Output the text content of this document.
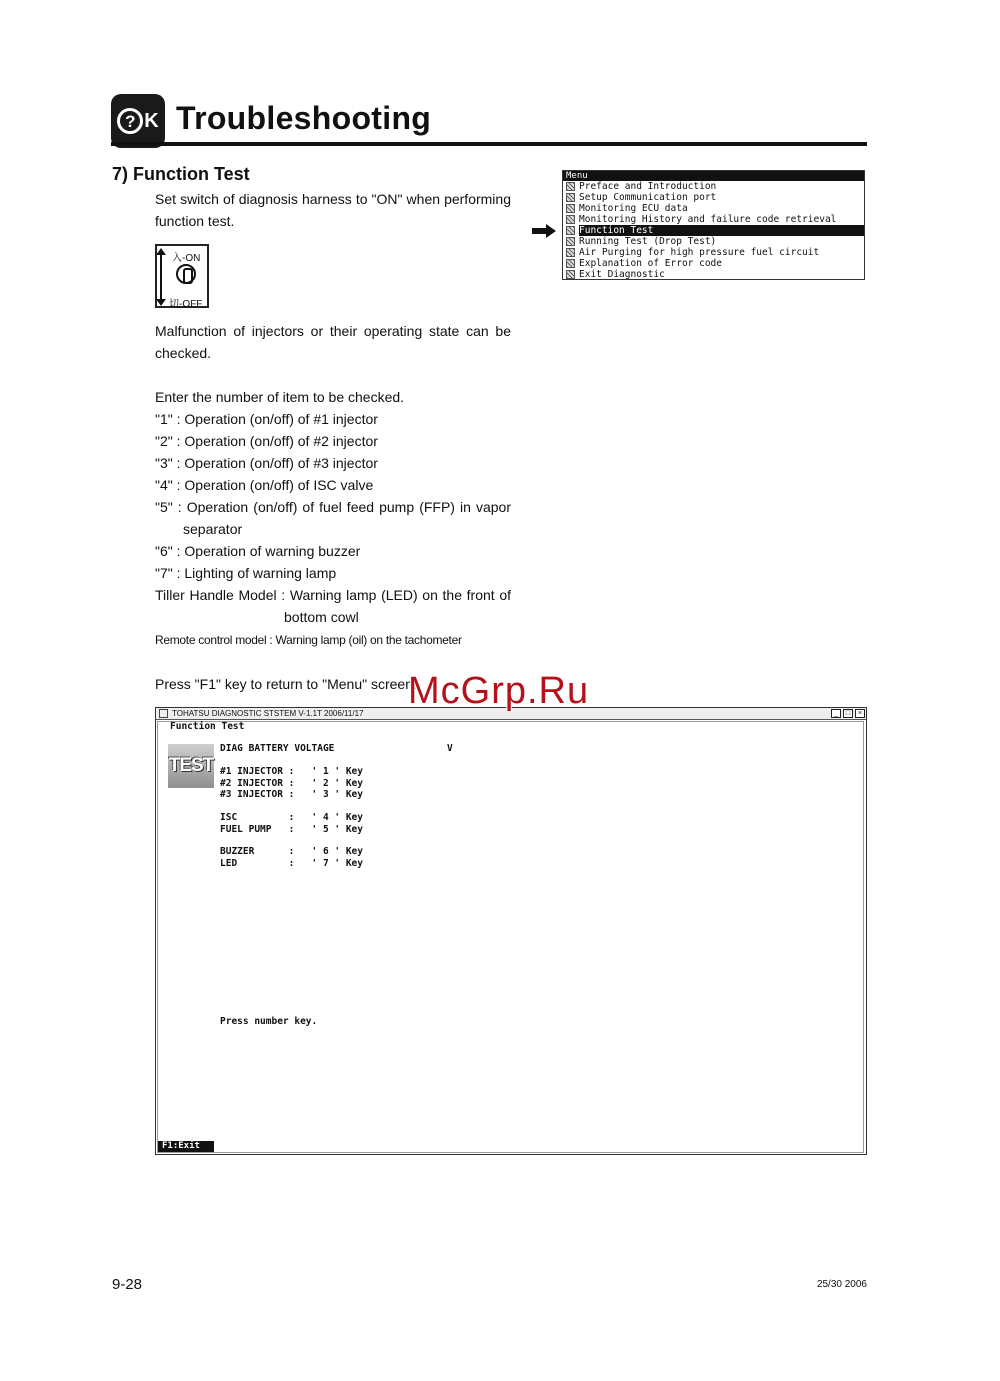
? K Troubleshooting
7) Function Test
Set switch of diagnosis harness to "ON" when performing function test.
入-ON
切-OFF
Malfunction of injectors or their operating state can be checked.
Enter the number of item to be checked.
"1" : Operation (on/off) of #1 injector
"2" : Operation (on/off) of #2 injector
"3" : Operation (on/off) of #3 injector
"4" : Operation (on/off) of ISC valve
"5" : Operation (on/off) of fuel feed pump (FFP) in vapor
separator
"6" : Operation of warning buzzer
"7" : Lighting of warning lamp
Tiller Handle Model : Warning lamp (LED) on the front of
bottom cowl
Remote control model : Warning lamp (oil) on the tachometer
Press "F1" key to return to "Menu" screen.
Menu
Preface and Introduction
Setup Communication port
Monitoring ECU data
Monitoring History and failure code retrieval
Function Test
Running Test (Drop Test)
Air Purging for high pressure fuel circuit
Explanation of Error code
Exit Diagnostic
TOHATSU DIAGNOSTIC STSTEM V-1.1T 2006/11/17	_	□	×
Function Test
TEST
DIAG BATTERY VOLTAGE	V
#1 INJECTOR :   ' 1 ' Key
#2 INJECTOR :   ' 2 ' Key
#3 INJECTOR :   ' 3 ' Key
ISC         :   ' 4 ' Key
FUEL PUMP   :   ' 5 ' Key
BUZZER      :   ' 6 ' Key
LED         :   ' 7 ' Key
Press number key.
F1:Exit
McGrp.Ru
9-28	25/30 2006
